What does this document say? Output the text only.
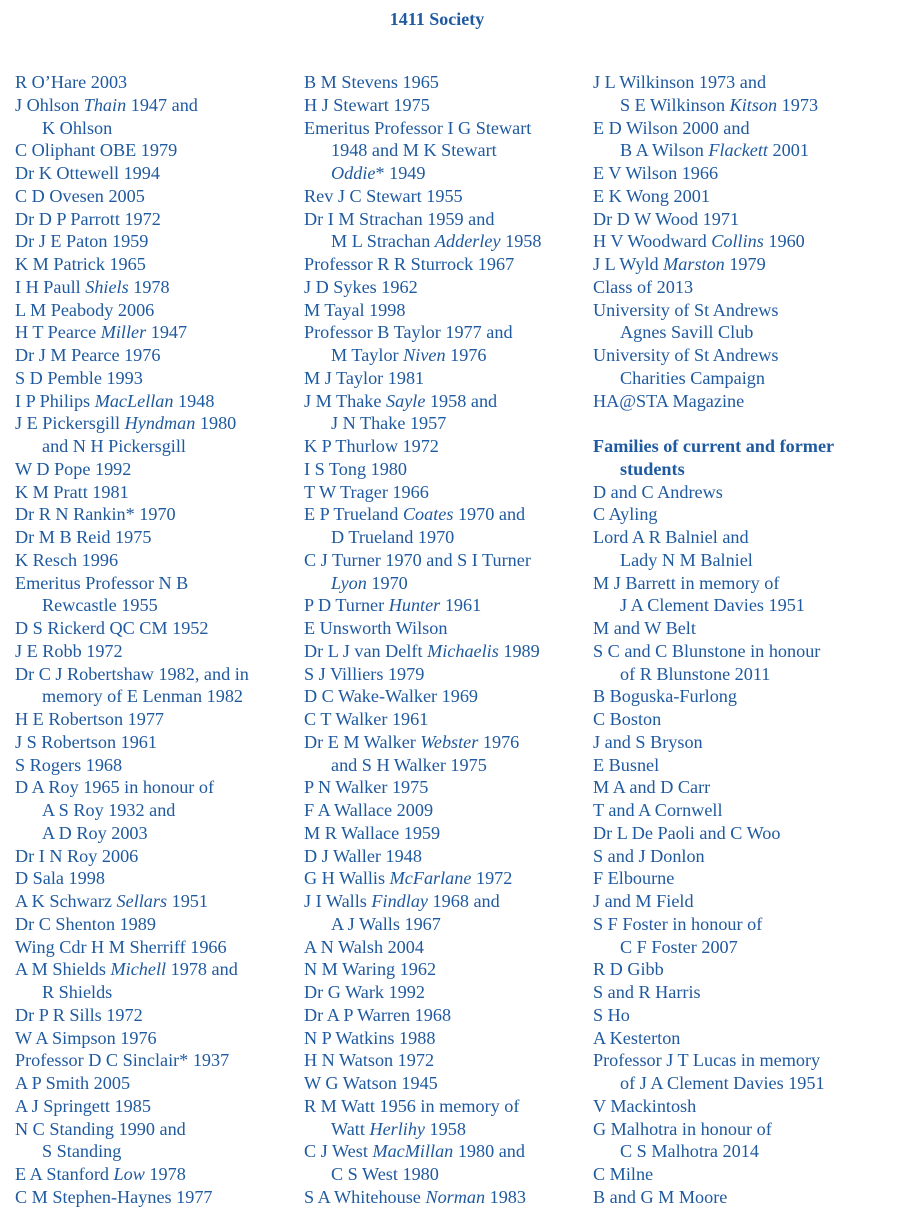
1411 Society
R O’Hare 2003
J Ohlson Thain 1947 and
K Ohlson
C Oliphant OBE 1979
Dr K Ottewell 1994
C D Ovesen 2005
Dr D P Parrott 1972
Dr J E Paton 1959
K M Patrick 1965
I H Paull Shiels 1978
L M Peabody 2006
H T Pearce Miller 1947
Dr J M Pearce 1976
S D Pemble 1993
I P Philips MacLellan 1948
J E Pickersgill Hyndman 1980
and N H Pickersgill
W D Pope 1992
K M Pratt 1981
Dr R N Rankin* 1970
Dr M B Reid 1975
K Resch 1996
Emeritus Professor N B
Rewcastle 1955
D S Rickerd QC CM 1952
J E Robb 1972
Dr C J Robertshaw 1982, and in
memory of E Lenman 1982
H E Robertson 1977
J S Robertson 1961
S Rogers 1968
D A Roy 1965 in honour of
A S Roy 1932 and
A D Roy 2003
Dr I N Roy 2006
D Sala 1998
A K Schwarz Sellars 1951
Dr C Shenton 1989
Wing Cdr H M Sherriff 1966
A M Shields Michell 1978 and
R Shields
Dr P R Sills 1972
W A Simpson 1976
Professor D C Sinclair* 1937
A P Smith 2005
A J Springett 1985
N C Standing 1990 and
S Standing
E A Stanford Low 1978
C M Stephen-Haynes 1977
B M Stevens 1965
H J Stewart 1975
Emeritus Professor I G Stewart
1948 and M K Stewart
Oddie* 1949
Rev J C Stewart 1955
Dr I M Strachan 1959 and
M L Strachan Adderley 1958
Professor R R Sturrock 1967
J D Sykes 1962
M Tayal 1998
Professor B Taylor 1977 and
M Taylor Niven 1976
M J Taylor 1981
J M Thake Sayle 1958 and
J N Thake 1957
K P Thurlow 1972
I S Tong 1980
T W Trager 1966
E P Trueland Coates 1970 and
D Trueland 1970
C J Turner 1970 and S I Turner
Lyon 1970
P D Turner Hunter 1961
E Unsworth Wilson
Dr L J van Delft Michaelis 1989
S J Villiers 1979
D C Wake-Walker 1969
C T Walker 1961
Dr E M Walker Webster 1976
and S H Walker 1975
P N Walker 1975
F A Wallace 2009
M R Wallace 1959
D J Waller 1948
G H Wallis McFarlane 1972
J I Walls Findlay 1968 and
A J Walls 1967
A N Walsh 2004
N M Waring 1962
Dr G Wark 1992
Dr A P Warren 1968
N P Watkins 1988
H N Watson 1972
W G Watson 1945
R M Watt 1956 in memory of
Watt Herlihy 1958
C J West MacMillan 1980 and
C S West 1980
S A Whitehouse Norman 1983
J L Wilkinson 1973 and
S E Wilkinson Kitson 1973
E D Wilson 2000 and
B A Wilson Flackett 2001
E V Wilson 1966
E K Wong 2001
Dr D W Wood 1971
H V Woodward Collins 1960
J L Wyld Marston 1979
Class of 2013
University of St Andrews
Agnes Savill Club
University of St Andrews
Charities Campaign
HA@STA Magazine
Families of current and former
students
D and C Andrews
C Ayling
Lord A R Balniel and
Lady N M Balniel
M J Barrett in memory of
J A Clement Davies 1951
M and W Belt
S C and C Blunstone in honour
of R Blunstone 2011
B Boguska-Furlong
C Boston
J and S Bryson
E Busnel
M A and D Carr
T and A Cornwell
Dr L De Paoli and C Woo
S and J Donlon
F Elbourne
J and M Field
S F Foster in honour of
C F Foster 2007
R D Gibb
S and R Harris
S Ho
A Kesterton
Professor J T Lucas in memory
of J A Clement Davies 1951
V Mackintosh
G Malhotra in honour of
C S Malhotra 2014
C Milne
B and G M Moore
